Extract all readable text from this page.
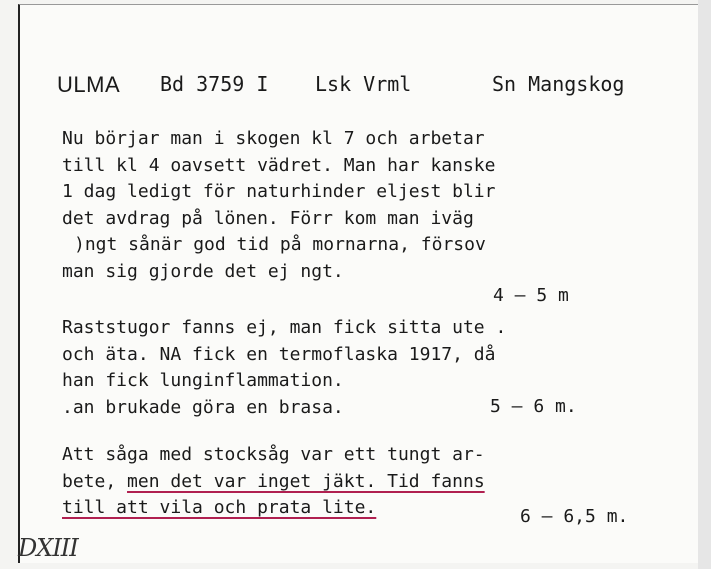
ULMA Bd 3759 I Lsk Vrml	Sn Mangskog
Nu börjar man i skogen kl 7 och arbetar
till kl 4 oavsett vädret. Man har kanske
1 dag ledigt för naturhinder eljest blir
det avdrag på lönen. Förr kom man iväg
)ngt sånär god tid på mornarna, försov
man sig gjorde det ej ngt.
4 — 5 m
Raststugor fanns ej, man fick sitta ute .
och äta. NA fick en termoflaska 1917, då
han fick lunginflammation.
.an brukade göra en brasa.	5 — 6 m.
Att såga med stocksåg var ett tungt ar-
bete, men det var inget jäkt. Tid fanns
till att vila och prata lite.	6 — 6,5 m.
DXIII
